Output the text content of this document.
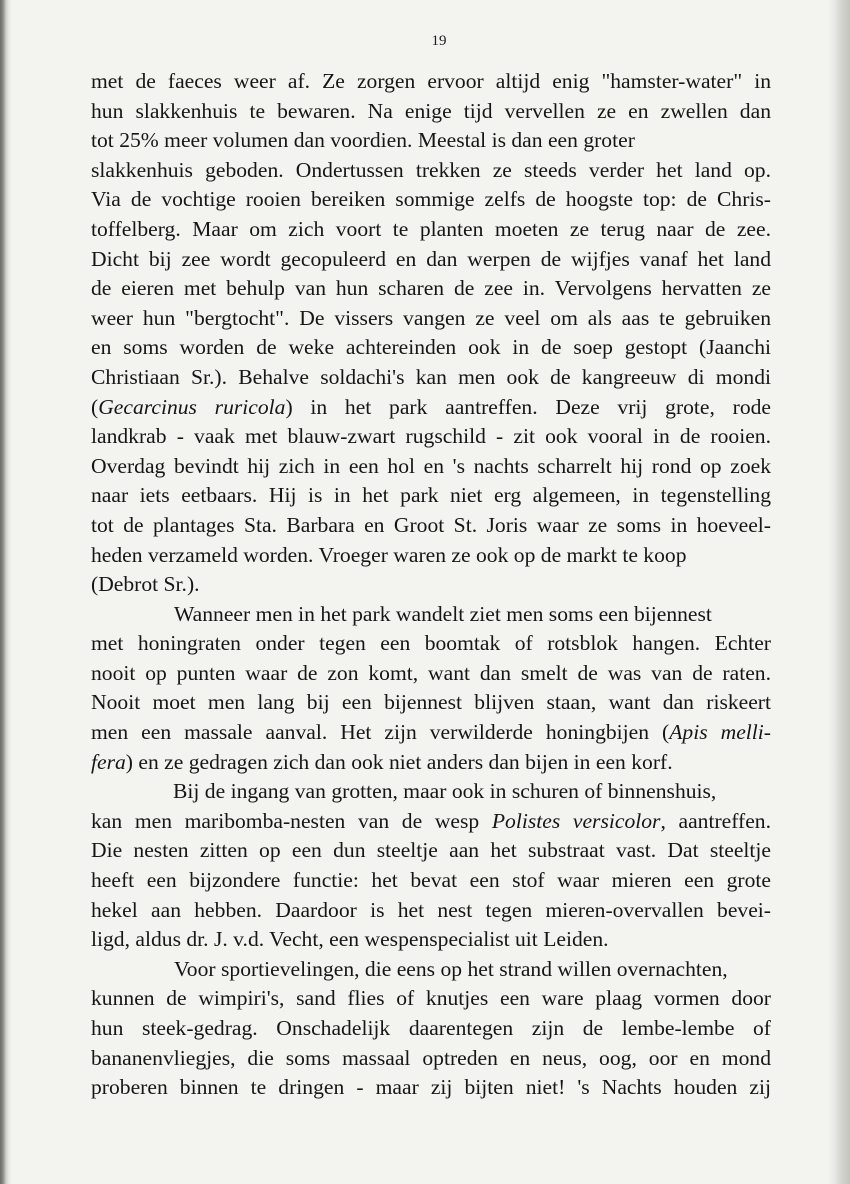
19
met de faeces weer af. Ze zorgen ervoor altijd enig "hamster-water" in
hun slakkenhuis te bewaren. Na enige tijd vervellen ze en zwellen dan
tot 25% meer volumen dan voordien. Meestal is dan een groter
slakkenhuis geboden. Ondertussen trekken ze steeds verder het land op.
Via de vochtige rooien bereiken sommige zelfs de hoogste top: de Chris-
toffelberg. Maar om zich voort te planten moeten ze terug naar de zee.
Dicht bij zee wordt gecopuleerd en dan werpen de wijfjes vanaf het land
de eieren met behulp van hun scharen de zee in. Vervolgens hervatten ze
weer hun "bergtocht". De vissers vangen ze veel om als aas te gebruiken
en soms worden de weke achtereinden ook in de soep gestopt (Jaanchi
Christiaan Sr.). Behalve soldachi's kan men ook de kangreeuw di mondi
(Gecarcinus ruricola) in het park aantreffen. Deze vrij grote, rode
landkrab - vaak met blauw-zwart rugschild - zit ook vooral in de rooien.
Overdag bevindt hij zich in een hol en 's nachts scharrelt hij rond op zoek
naar iets eetbaars. Hij is in het park niet erg algemeen, in tegenstelling
tot de plantages Sta. Barbara en Groot St. Joris waar ze soms in hoeveel-
heden verzameld worden. Vroeger waren ze ook op de markt te koop
(Debrot Sr.).
Wanneer men in het park wandelt ziet men soms een bijennest
met honingraten onder tegen een boomtak of rotsblok hangen. Echter
nooit op punten waar de zon komt, want dan smelt de was van de raten.
Nooit moet men lang bij een bijennest blijven staan, want dan riskeert
men een massale aanval. Het zijn verwilderde honingbijen (Apis melli-
fera) en ze gedragen zich dan ook niet anders dan bijen in een korf.
Bij de ingang van grotten, maar ook in schuren of binnenshuis,
kan men maribomba-nesten van de wesp Polistes versicolor, aantreffen.
Die nesten zitten op een dun steeltje aan het substraat vast. Dat steeltje
heeft een bijzondere functie: het bevat een stof waar mieren een grote
hekel aan hebben. Daardoor is het nest tegen mieren-overvallen bevei-
ligd, aldus dr. J. v.d. Vecht, een wespenspecialist uit Leiden.
Voor sportievelingen, die eens op het strand willen overnachten,
kunnen de wimpiri's, sand flies of knutjes een ware plaag vormen door
hun steek-gedrag. Onschadelijk daarentegen zijn de lembe-lembe of
bananenvliegjes, die soms massaal optreden en neus, oog, oor en mond
proberen binnen te dringen - maar zij bijten niet! 's Nachts houden zij
